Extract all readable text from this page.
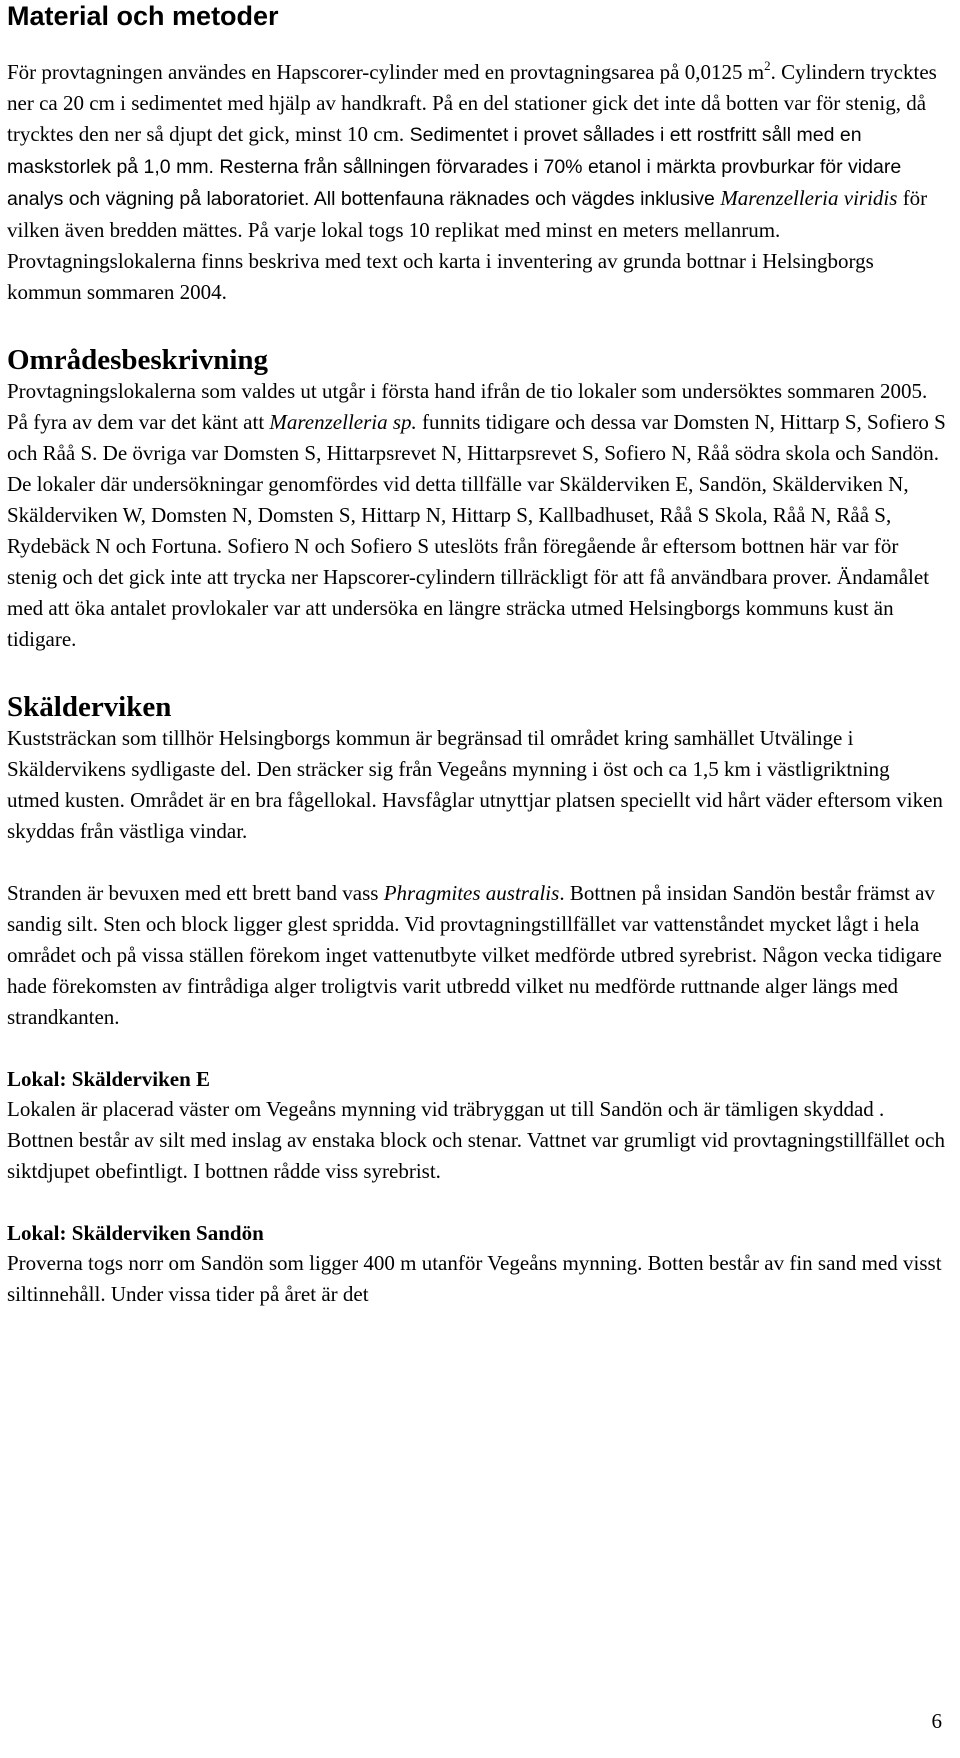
Material och metoder

För provtagningen användes en Hapscorer-cylinder med en provtagningsarea på 0,0125 $m^2$. Cylindern trycktes ner ca 20 cm i sedimentet med hjälp av handkraft. På en del stationer gick det inte då botten var för stenig, då trycktes den ner så djupt det gick, minst 10 cm. Sedimentet i provet sållades i ett rostfritt såll med en maskstorlek på 1,0 mm. Resterna från sållningen förvarades i 70% etanol i märkta provburkar för vidare analys och vägning på laboratoriet. All bottenfauna räknades och vägdes inklusive Marenzelleria viridis för vilken även bredden mättes. På varje lokal togs 10 replikat med minst en meters mellanrum. Provtagningslokalerna finns beskriva med text och karta i inventering av grunda bottnar i Helsingborgs kommun sommaren 2004.

Områdesbeskrivning

Provtagningslokalerna som valdes ut utgår i första hand ifrån de tio lokaler som undersöktes sommaren 2005. På fyra av dem var det känt att Marenzelleria sp. funnits tidigare och dessa var Domsten N, Hittarp S, Sofiero S och Råå S. De övriga var Domsten S, Hittarpsrevet N, Hittarpsrevet S, Sofiero N, Råå södra skola och Sandön. De lokaler där undersökningar genomfördes vid detta tillfälle var Skälderviken E, Sandön, Skälderviken N, Skälderviken W, Domsten N, Domsten S, Hittarp N, Hittarp S, Kallbadhuset, Råå S Skola, Råå N, Råå S, Rydebäck N och Fortuna. Sofiero N och Sofiero S uteslöts från föregående år eftersom bottnen här var för stenig och det gick inte att trycka ner Hapscorer-cylindern tillräckligt för att få användbara prover. Ändamålet med att öka antalet provlokaler var att undersöka en längre sträcka utmed Helsingborgs kommuns kust än tidigare.

Skälderviken

Kuststräckan som tillhör Helsingborgs kommun är begränsad til området kring samhället Utvälinge i Skäldervikens sydligaste del. Den sträcker sig från Vegeåns mynning i öst och ca 1,5 km i västligriktning utmed kusten. Området är en bra fågellokal. Havsfåglar utnyttjar platsen speciellt vid hårt väder eftersom viken skyddas från västliga vindar.

Stranden är bevuxen med ett brett band vass Phragmites australis. Bottnen på insidan Sandön består främst av sandig silt. Sten och block ligger glest spridda. Vid provtagningstillfället var vattenståndet mycket lågt i hela området och på vissa ställen förekom inget vattenutbyte vilket medförde utbred syrebrist. Någon vecka tidigare hade förekomsten av fintrådiga alger troligtvis varit utbredd vilket nu medförde ruttnande alger längs med strandkanten.

Lokal: Skälderviken E

Lokalen är placerad väster om Vegeåns mynning vid träbryggan ut till Sandön och är tämligen skyddad . Bottnen består av silt med inslag av enstaka block och stenar. Vattnet var grumligt vid provtagningstillfället och siktdjupet obefintligt. I bottnen rådde viss syrebrist.

Lokal: Skälderviken Sandön

Proverna togs norr om Sandön som ligger 400 m utanför Vegeåns mynning. Botten består av fin sand med visst siltinnehåll. Under vissa tider på året är det

6
